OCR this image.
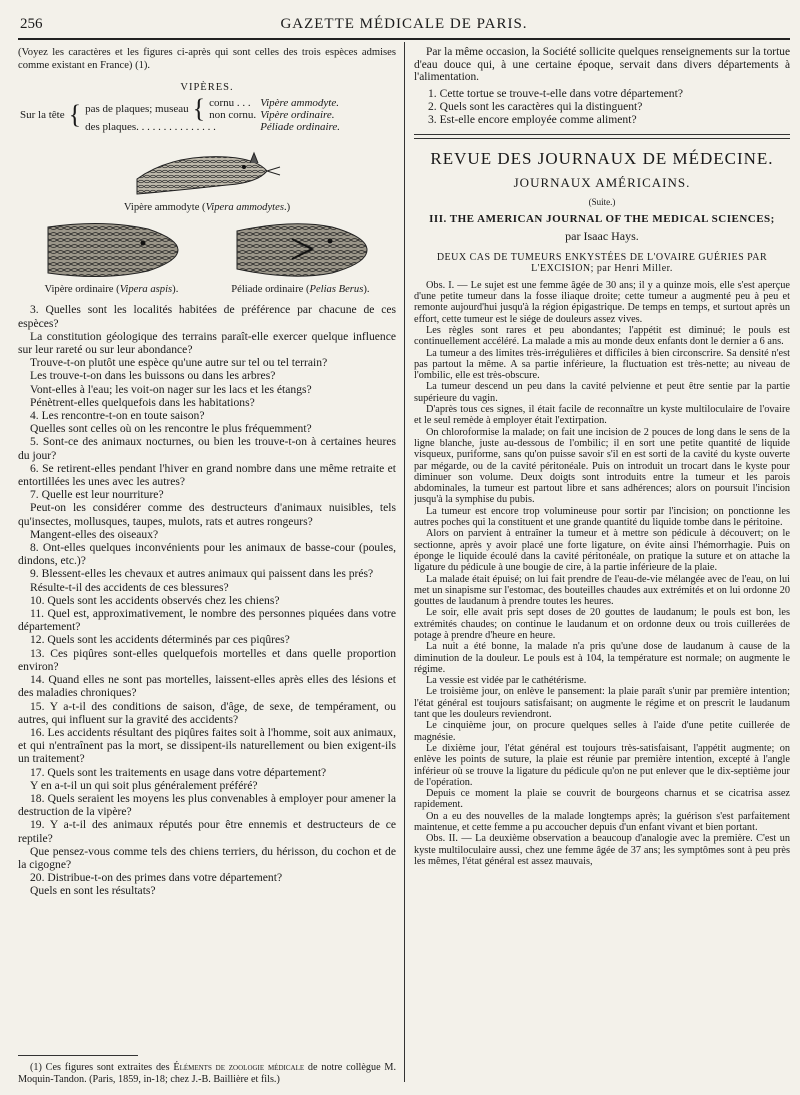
256	GAZETTE MÉDICALE DE PARIS.

(Voyez les caractères et les figures ci-après qui sont celles des trois espèces admises comme existant en France) (1).

VIPÈRES.
Sur la tête	{	pas de plaques; museau	{	cornu . . .	Vipère ammodyte.
				non cornu.	Vipère ordinaire.
		des plaques. . . . . . . . . . . . . . .			Péliade ordinaire.
Vipère ammodyte (Vipera ammodytes.)
Vipère ordinaire (Vipera aspis).	Péliade ordinaire (Pelias Berus).

3. Quelles sont les localités habitées de préférence par chacune de ces espèces?

La constitution géologique des terrains paraît-elle exercer quelque influence sur leur rareté ou sur leur abondance?

Trouve-t-on plutôt une espèce qu'une autre sur tel ou tel terrain?

Les trouve-t-on dans les buissons ou dans les arbres?

Vont-elles à l'eau; les voit-on nager sur les lacs et les étangs?

Pénètrent-elles quelquefois dans les habitations?

4. Les rencontre-t-on en toute saison?

Quelles sont celles où on les rencontre le plus fréquemment?

5. Sont-ce des animaux nocturnes, ou bien les trouve-t-on à certaines heures du jour?

6. Se retirent-elles pendant l'hiver en grand nombre dans une même retraite et entortillées les unes avec les autres?

7. Quelle est leur nourriture?

Peut-on les considérer comme des destructeurs d'animaux nuisibles, tels qu'insectes, mollusques, taupes, mulots, rats et autres rongeurs?

Mangent-elles des oiseaux?

8. Ont-elles quelques inconvénients pour les animaux de basse-cour (poules, dindons, etc.)?

9. Blessent-elles les chevaux et autres animaux qui paissent dans les prés?

Résulte-t-il des accidents de ces blessures?

10. Quels sont les accidents observés chez les chiens?

11. Quel est, approximativement, le nombre des personnes piquées dans votre département?

12. Quels sont les accidents déterminés par ces piqûres?

13. Ces piqûres sont-elles quelquefois mortelles et dans quelle proportion environ?

14. Quand elles ne sont pas mortelles, laissent-elles après elles des lésions et des maladies chroniques?

15. Y a-t-il des conditions de saison, d'âge, de sexe, de tempérament, ou autres, qui influent sur la gravité des accidents?

16. Les accidents résultant des piqûres faites soit à l'homme, soit aux animaux, et qui n'entraînent pas la mort, se dissipent-ils naturellement ou bien exigent-ils un traitement?

17. Quels sont les traitements en usage dans votre département?

Y en a-t-il un qui soit plus généralement préféré?

18. Quels seraient les moyens les plus convenables à employer pour amener la destruction de la vipère?

19. Y a-t-il des animaux réputés pour être ennemis et destructeurs de ce reptile?

Que pensez-vous comme tels des chiens terriers, du hérisson, du cochon et de la cigogne?

20. Distribue-t-on des primes dans votre département?

Quels en sont les résultats?

(1) Ces figures sont extraites des Éléments de zoologie médicale de notre collègue M. Moquin-Tandon. (Paris, 1859, in-18; chez J.-B. Baillière et fils.)

Par la même occasion, la Société sollicite quelques renseignements sur la tortue d'eau douce qui, à une certaine époque, servait dans divers départements à l'alimentation.

1. Cette tortue se trouve-t-elle dans votre département?
2. Quels sont les caractères qui la distinguent?
3. Est-elle encore employée comme aliment?
REVUE DES JOURNAUX DE MÉDECINE.
JOURNAUX AMÉRICAINS.
(Suite.)
III. THE AMERICAN JOURNAL OF THE MEDICAL SCIENCES;
par Isaac Hays.
DEUX CAS DE TUMEURS ENKYSTÉES DE L'OVAIRE GUÉRIES PAR L'EXCISION; par Henri Miller.

Obs. I. — Le sujet est une femme âgée de 30 ans; il y a quinze mois, elle s'est aperçue d'une petite tumeur dans la fosse iliaque droite; cette tumeur a augmenté peu à peu et remonte aujourd'hui jusqu'à la région épigastrique. De temps en temps, et surtout après un effort, cette tumeur est le siége de douleurs assez vives.

Les règles sont rares et peu abondantes; l'appétit est diminué; le pouls est continuellement accéléré. La malade a mis au monde deux enfants dont le dernier a 6 ans.

La tumeur a des limites très-irrégulières et difficiles à bien circonscrire. Sa densité n'est pas partout la même. A sa partie inférieure, la fluctuation est très-nette; au niveau de l'ombilic, elle est très-obscure.

La tumeur descend un peu dans la cavité pelvienne et peut être sentie par la partie supérieure du vagin.

D'après tous ces signes, il était facile de reconnaître un kyste multiloculaire de l'ovaire et le seul remède à employer était l'extirpation.

On chloroformise la malade; on fait une incision de 2 pouces de long dans le sens de la ligne blanche, juste au-dessous de l'ombilic; il en sort une petite quantité de liquide visqueux, puriforme, sans qu'on puisse savoir s'il en est sorti de la cavité du kyste ouverte par mégarde, ou de la cavité péritonéale. Puis on introduit un trocart dans le kyste pour diminuer son volume. Deux doigts sont introduits entre la tumeur et les parois abdominales, la tumeur est partout libre et sans adhérences; alors on poursuit l'incision jusqu'à la symphise du pubis.

La tumeur est encore trop volumineuse pour sortir par l'incision; on ponctionne les autres poches qui la constituent et une grande quantité du liquide tombe dans le péritoine.

Alors on parvient à entraîner la tumeur et à mettre son pédicule à découvert; on le sectionne, après y avoir placé une forte ligature, on évite ainsi l'hémorrhagie. Puis on éponge le liquide écoulé dans la cavité péritonéale, on pratique la suture et on attache la ligature du pédicule à une bougie de cire, à la partie inférieure de la plaie.

La malade était épuisé; on lui fait prendre de l'eau-de-vie mélangée avec de l'eau, on lui met un sinapisme sur l'estomac, des bouteilles chaudes aux extrémités et on lui ordonne 20 gouttes de laudanum à prendre toutes les heures.

Le soir, elle avait pris sept doses de 20 gouttes de laudanum; le pouls est bon, les extrémités chaudes; on continue le laudanum et on ordonne deux ou trois cuillerées de potage à prendre d'heure en heure.

La nuit a été bonne, la malade n'a pris qu'une dose de laudanum à cause de la diminution de la douleur. Le pouls est à 104, la température est normale; on augmente le régime.

La vessie est vidée par le cathétérisme.

Le troisième jour, on enlève le pansement: la plaie paraît s'unir par première intention; l'état général est toujours satisfaisant; on augmente le régime et on prescrit le laudanum tant que les douleurs reviendront.

Le cinquième jour, on procure quelques selles à l'aide d'une petite cuillerée de magnésie.

Le dixième jour, l'état général est toujours très-satisfaisant, l'appétit augmente; on enlève les points de suture, la plaie est réunie par première intention, excepté à l'angle inférieur où se trouve la ligature du pédicule qu'on ne put enlever que le dix-septième jour de l'opération.

Depuis ce moment la plaie se couvrit de bourgeons charnus et se cicatrisa assez rapidement.

On a eu des nouvelles de la malade longtemps après; la guérison s'est parfaitement maintenue, et cette femme a pu accoucher depuis d'un enfant vivant et bien portant.

Obs. II. — La deuxième observation a beaucoup d'analogie avec la première. C'est un kyste multiloculaire aussi, chez une femme âgée de 37 ans; les symptômes sont à peu près les mêmes, l'état général est assez mauvais,
